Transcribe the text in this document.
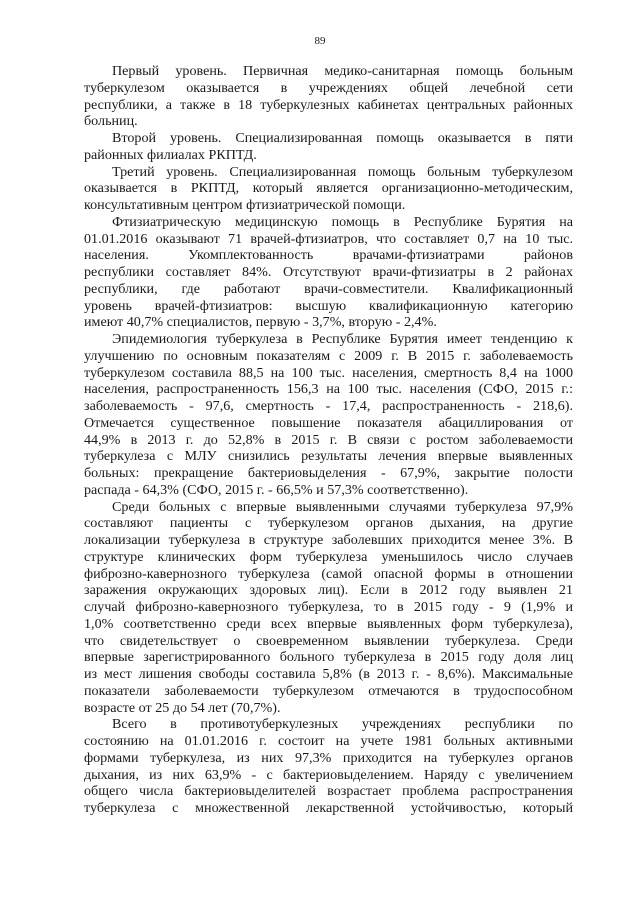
89

Первый уровень. Первичная медико-санитарная помощь больным
туберкулезом оказывается в учреждениях общей лечебной сети
республики, а также в 18 туберкулезных кабинетах центральных районных
больниц.

Второй уровень. Специализированная помощь оказывается в пяти
районных филиалах РКПТД.

Третий уровень. Специализированная помощь больным туберкулезом
оказывается в РКПТД, который является организационно-методическим,
консультативным центром фтизиатрической помощи.

Фтизиатрическую медицинскую помощь в Республике Бурятия на
01.01.2016 оказывают 71 врачей-фтизиатров, что составляет 0,7 на 10 тыс.
населения. Укомплектованность врачами-фтизиатрами районов
республики составляет 84%. Отсутствуют врачи-фтизиатры в 2 районах
республики, где работают врачи-совместители. Квалификационный
уровень врачей-фтизиатров: высшую квалификационную категорию
имеют 40,7% специалистов, первую - 3,7%, вторую - 2,4%.

Эпидемиология туберкулеза в Республике Бурятия имеет тенденцию к
улучшению по основным показателям с 2009 г. В 2015 г. заболеваемость
туберкулезом составила 88,5 на 100 тыс. населения, смертность 8,4 на 1000
населения, распространенность 156,3 на 100 тыс. населения (СФО, 2015 г.:
заболеваемость - 97,6, смертность - 17,4, распространенность - 218,6).
Отмечается существенное повышение показателя абациллирования от
44,9% в 2013 г. до 52,8% в 2015 г. В связи с ростом заболеваемости
туберкулеза с МЛУ снизились результаты лечения впервые выявленных
больных: прекращение бактериовыделения - 67,9%, закрытие полости
распада - 64,3% (СФО, 2015 г. - 66,5% и 57,3% соответственно).

Среди больных с впервые выявленными случаями туберкулеза 97,9%
составляют пациенты с туберкулезом органов дыхания, на другие
локализации туберкулеза в структуре заболевших приходится менее 3%. В
структуре клинических форм туберкулеза уменьшилось число случаев
фиброзно-кавернозного туберкулеза (самой опасной формы в отношении
заражения окружающих здоровых лиц). Если в 2012 году выявлен 21
случай фиброзно-кавернозного туберкулеза, то в 2015 году - 9 (1,9% и
1,0% соответственно среди всех впервые выявленных форм туберкулеза),
что свидетельствует о своевременном выявлении туберкулеза. Среди
впервые зарегистрированного больного туберкулеза в 2015 году доля лиц
из мест лишения свободы составила 5,8% (в 2013 г. - 8,6%). Максимальные
показатели заболеваемости туберкулезом отмечаются в трудоспособном
возрасте от 25 до 54 лет (70,7%).

Всего в противотуберкулезных учреждениях республики по
состоянию на 01.01.2016 г. состоит на учете 1981 больных активными
формами туберкулеза, из них 97,3% приходится на туберкулез органов
дыхания, из них 63,9% - с бактериовыделением. Наряду с увеличением
общего числа бактериовыделителей возрастает проблема распространения
туберкулеза с множественной лекарственной устойчивостью, который
